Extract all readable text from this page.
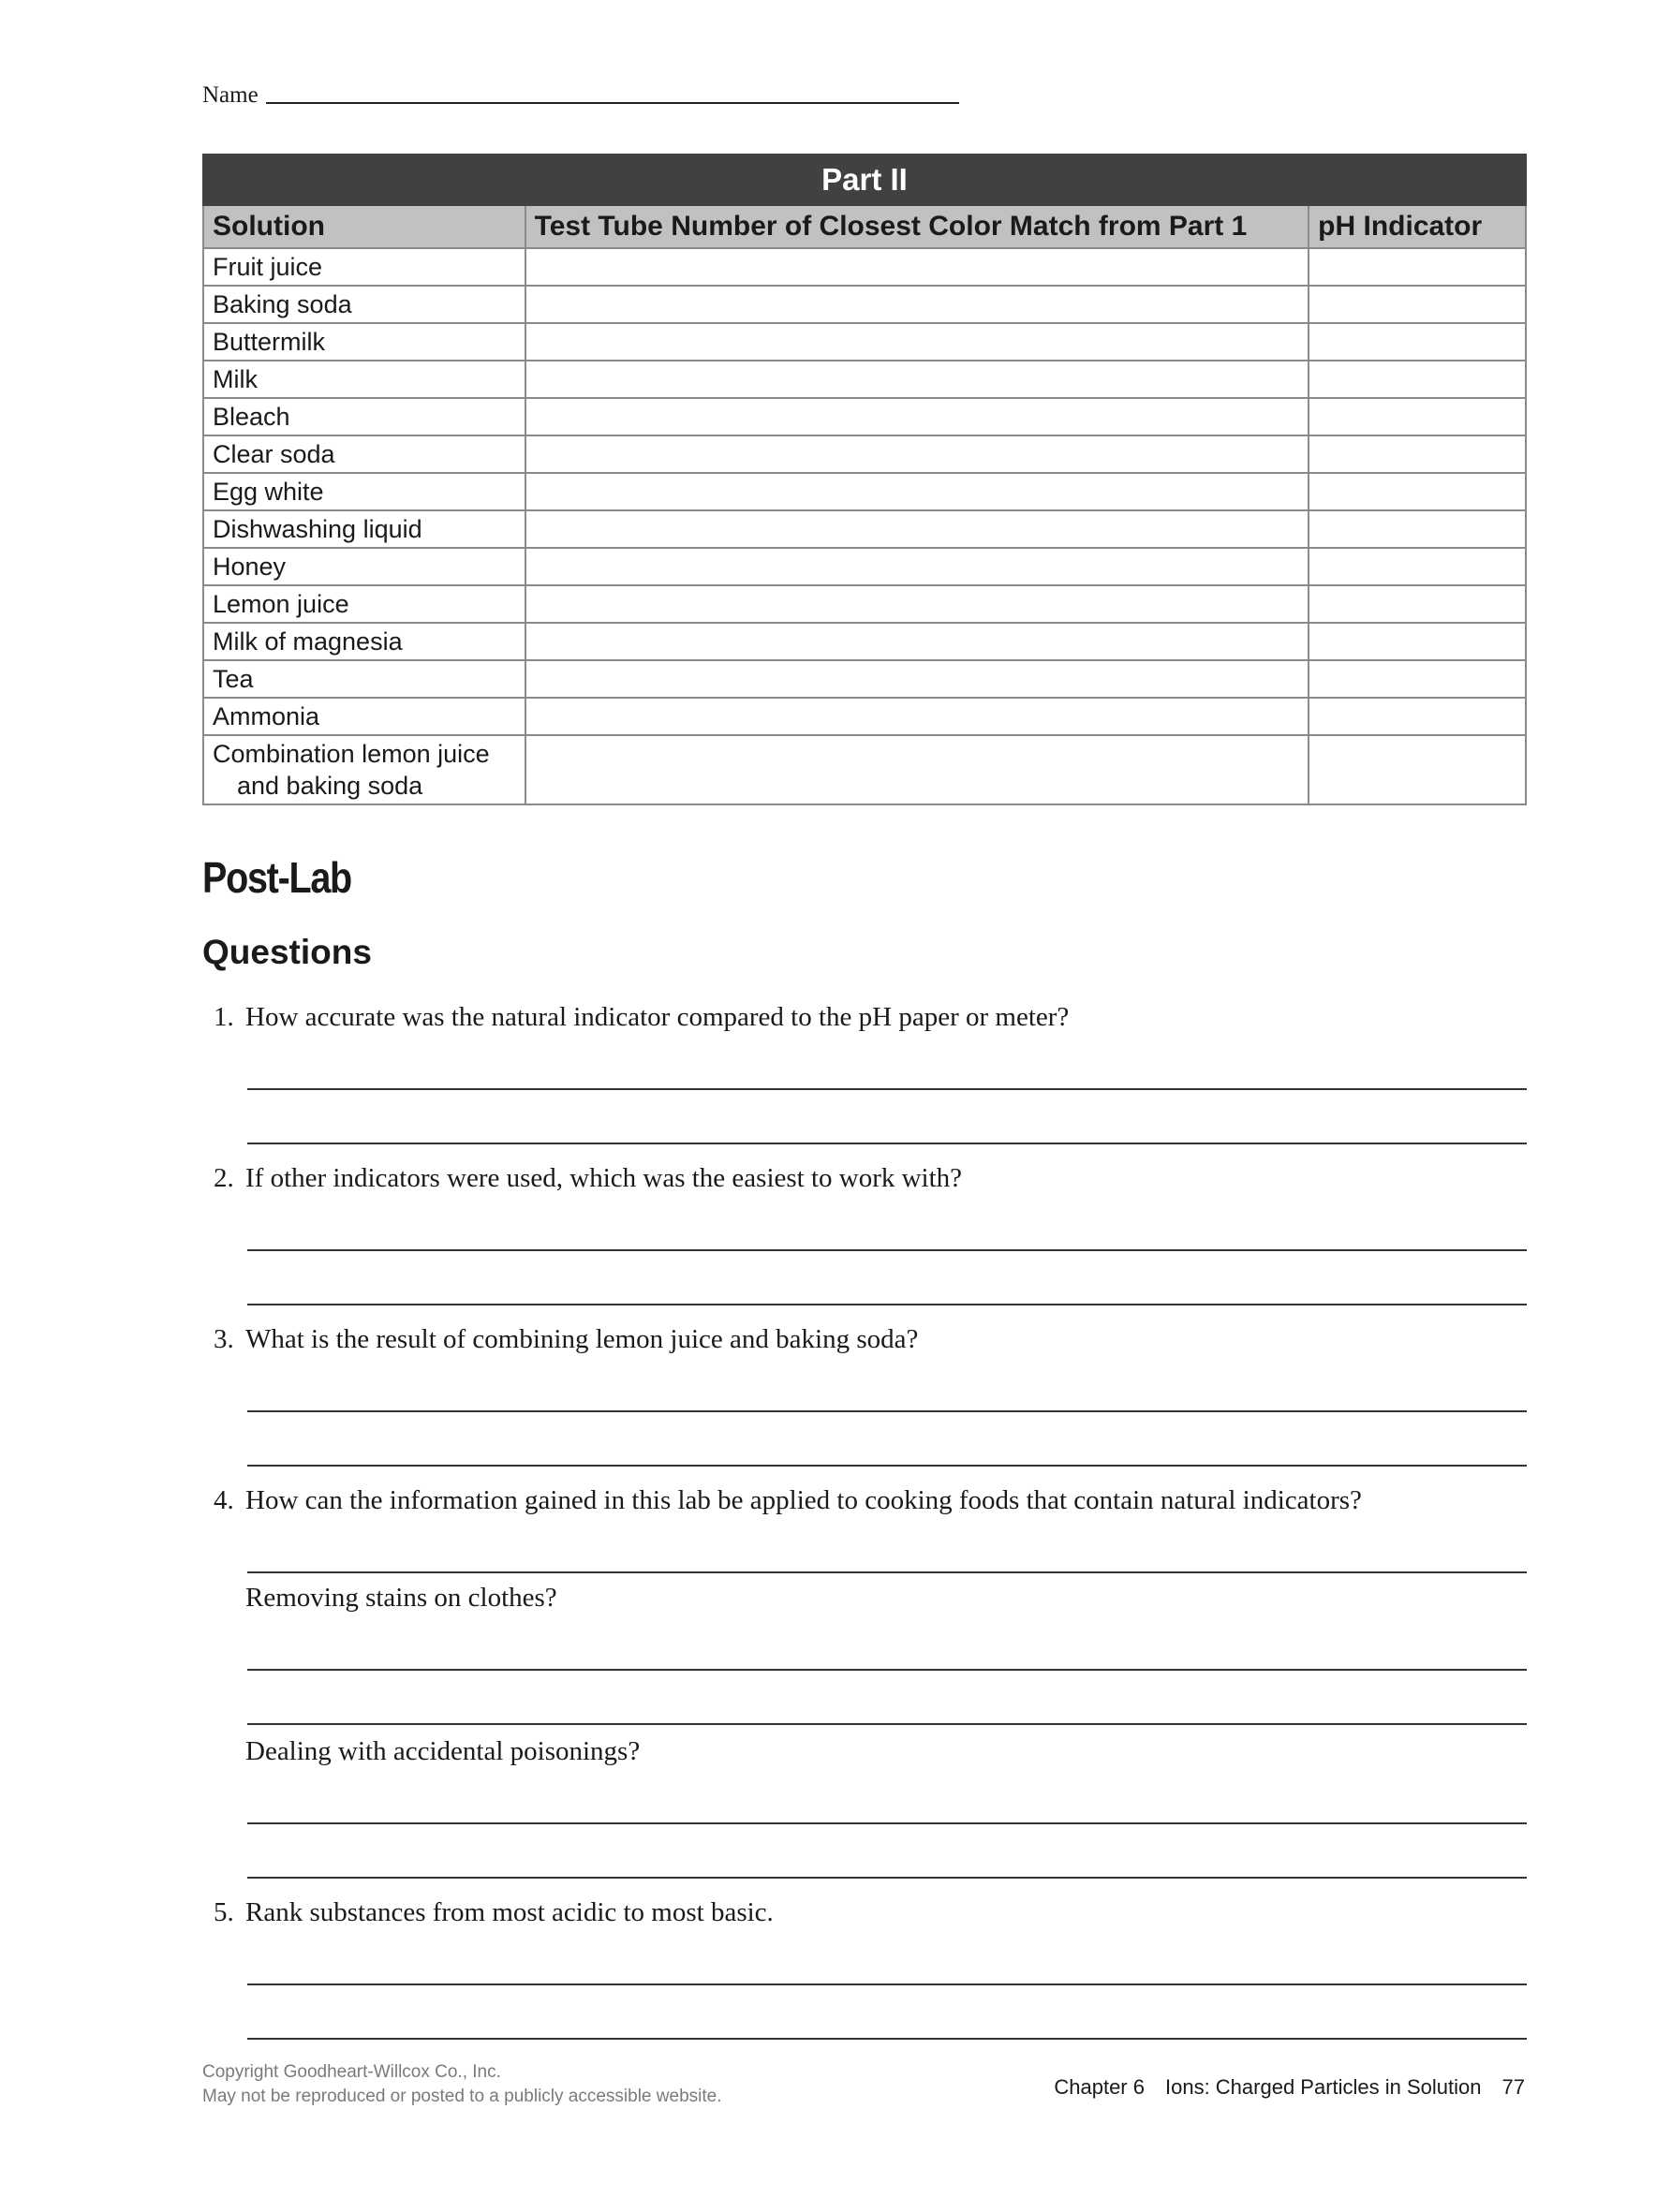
Name
Part II		
Solution	Test Tube Number of Closest Color Match from Part 1	pH Indicator
Fruit juice		
Baking soda		
Buttermilk		
Milk		
Bleach		
Clear soda		
Egg white		
Dishwashing liquid		
Honey		
Lemon juice		
Milk of magnesia		
Tea		
Ammonia		

Combination lemon juice
and baking soda		

Post-Lab
Questions
1. How accurate was the natural indicator compared to the pH paper or meter?
2. If other indicators were used, which was the easiest to work with?
3. What is the result of combining lemon juice and baking soda?
4. How can the information gained in this lab be applied to cooking foods that contain natural indicators?
Removing stains on clothes?
Dealing with accidental poisonings?
5. Rank substances from most acidic to most basic.
Copyright Goodheart-Willcox Co., Inc.
May not be reproduced or posted to a publicly accessible website.	Chapter 6 Ions: Charged Particles in Solution 77
